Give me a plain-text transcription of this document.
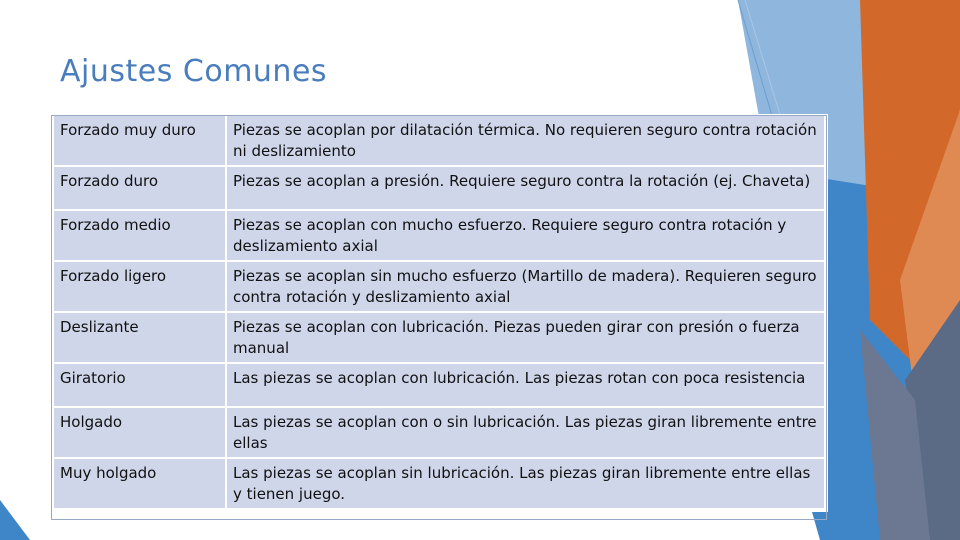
Ajustes Comunes
Forzado muy duro	Piezas se acoplan por dilatación térmica. No requieren seguro contra rotación ni deslizamiento
Forzado duro	Piezas se acoplan a presión. Requiere seguro contra la rotación (ej. Chaveta)
Forzado medio	Piezas se acoplan con mucho esfuerzo. Requiere seguro contra rotación y deslizamiento axial
Forzado ligero	Piezas se acoplan sin mucho esfuerzo (Martillo de madera). Requieren seguro contra rotación y deslizamiento axial
Deslizante	Piezas se acoplan con lubricación. Piezas pueden girar con presión o fuerza manual
Giratorio	Las piezas se acoplan con lubricación. Las piezas rotan con poca resistencia
Holgado	Las piezas se acoplan con o sin lubricación. Las piezas giran libremente entre ellas
Muy holgado	Las piezas se acoplan sin lubricación. Las piezas giran libremente entre ellas y tienen juego.
